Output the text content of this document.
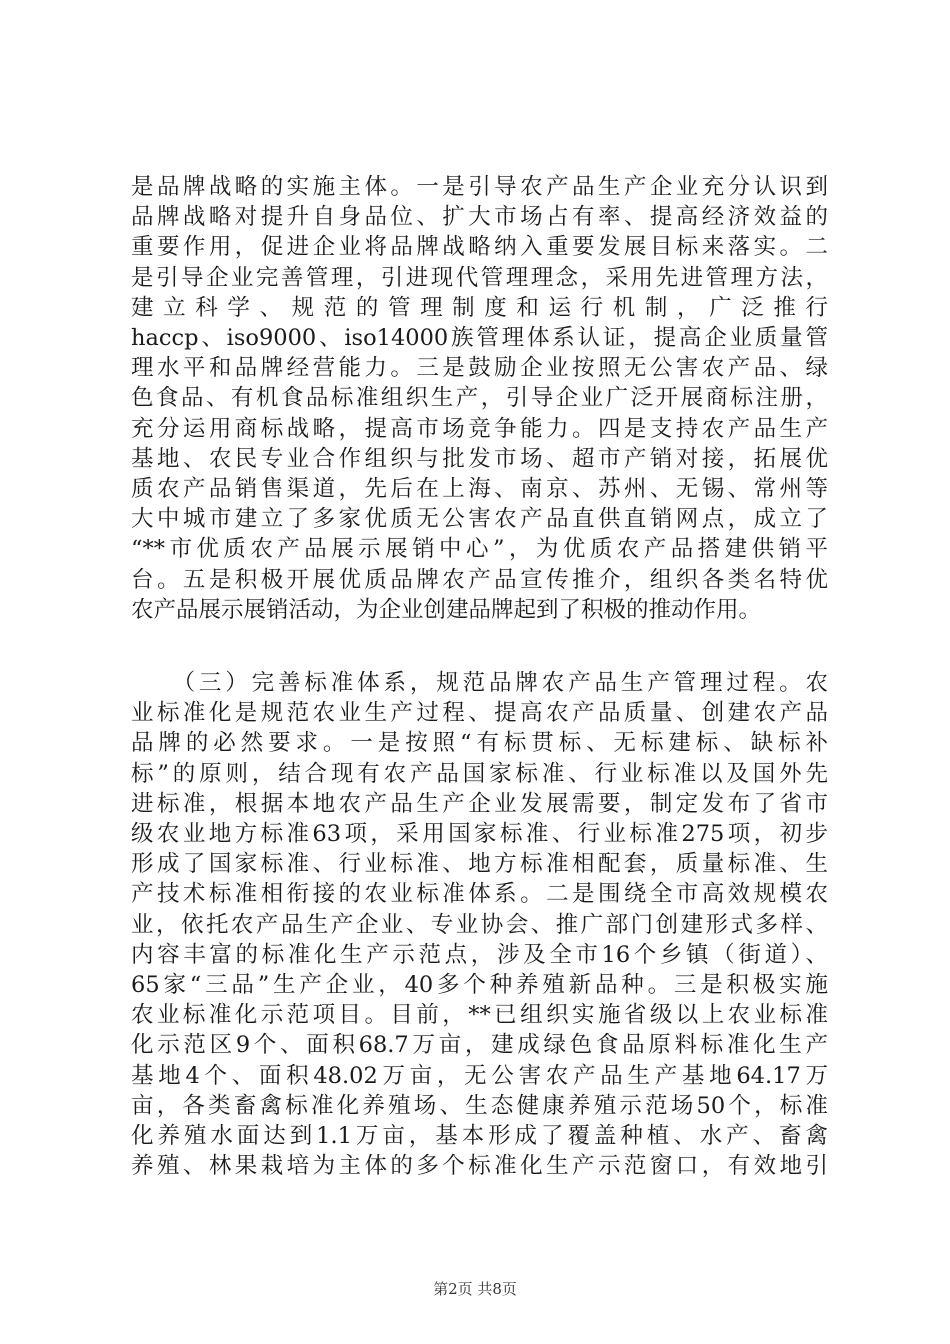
是品牌战略的实施主体。一是引导农产品生产企业充分认识到
品牌战略对提升自身品位、扩大市场占有率、提高经济效益的
重要作用，促进企业将品牌战略纳入重要发展目标来落实。二
是引导企业完善管理，引进现代管理理念，采用先进管理方法，
建立科学、规范的管理制度和运行机制，广泛推行
haccp、iso9000、iso14000族管理体系认证，提高企业质量管
理水平和品牌经营能力。三是鼓励企业按照无公害农产品、绿
色食品、有机食品标准组织生产，引导企业广泛开展商标注册，
充分运用商标战略，提高市场竞争能力。四是支持农产品生产
基地、农民专业合作组织与批发市场、超市产销对接，拓展优
质农产品销售渠道，先后在上海、南京、苏州、无锡、常州等
大中城市建立了多家优质无公害农产品直供直销网点，成立了
“**市优质农产品展示展销中心”，为优质农产品搭建供销平
台。五是积极开展优质品牌农产品宣传推介，组织各类名特优
农产品展示展销活动，为企业创建品牌起到了积极的推动作用。
　　（三）完善标准体系，规范品牌农产品生产管理过程。农
业标准化是规范农业生产过程、提高农产品质量、创建农产品
品牌的必然要求。一是按照“有标贯标、无标建标、缺标补
标”的原则，结合现有农产品国家标准、行业标准以及国外先
进标准，根据本地农产品生产企业发展需要，制定发布了省市
级农业地方标准63项，采用国家标准、行业标准275项，初步
形成了国家标准、行业标准、地方标准相配套，质量标准、生
产技术标准相衔接的农业标准体系。二是围绕全市高效规模农
业，依托农产品生产企业、专业协会、推广部门创建形式多样、
内容丰富的标准化生产示范点，涉及全市16个乡镇（街道）、
65家“三品”生产企业，40多个种养殖新品种。三是积极实施
农业标准化示范项目。目前，**已组织实施省级以上农业标准
化示范区9个、面积68.7万亩，建成绿色食品原料标准化生产
基地4个、面积48.02万亩，无公害农产品生产基地64.17万
亩，各类畜禽标准化养殖场、生态健康养殖示范场50个，标准
化养殖水面达到1.1万亩，基本形成了覆盖种植、水产、畜禽
养殖、林果栽培为主体的多个标准化生产示范窗口，有效地引
第2页 共8页
